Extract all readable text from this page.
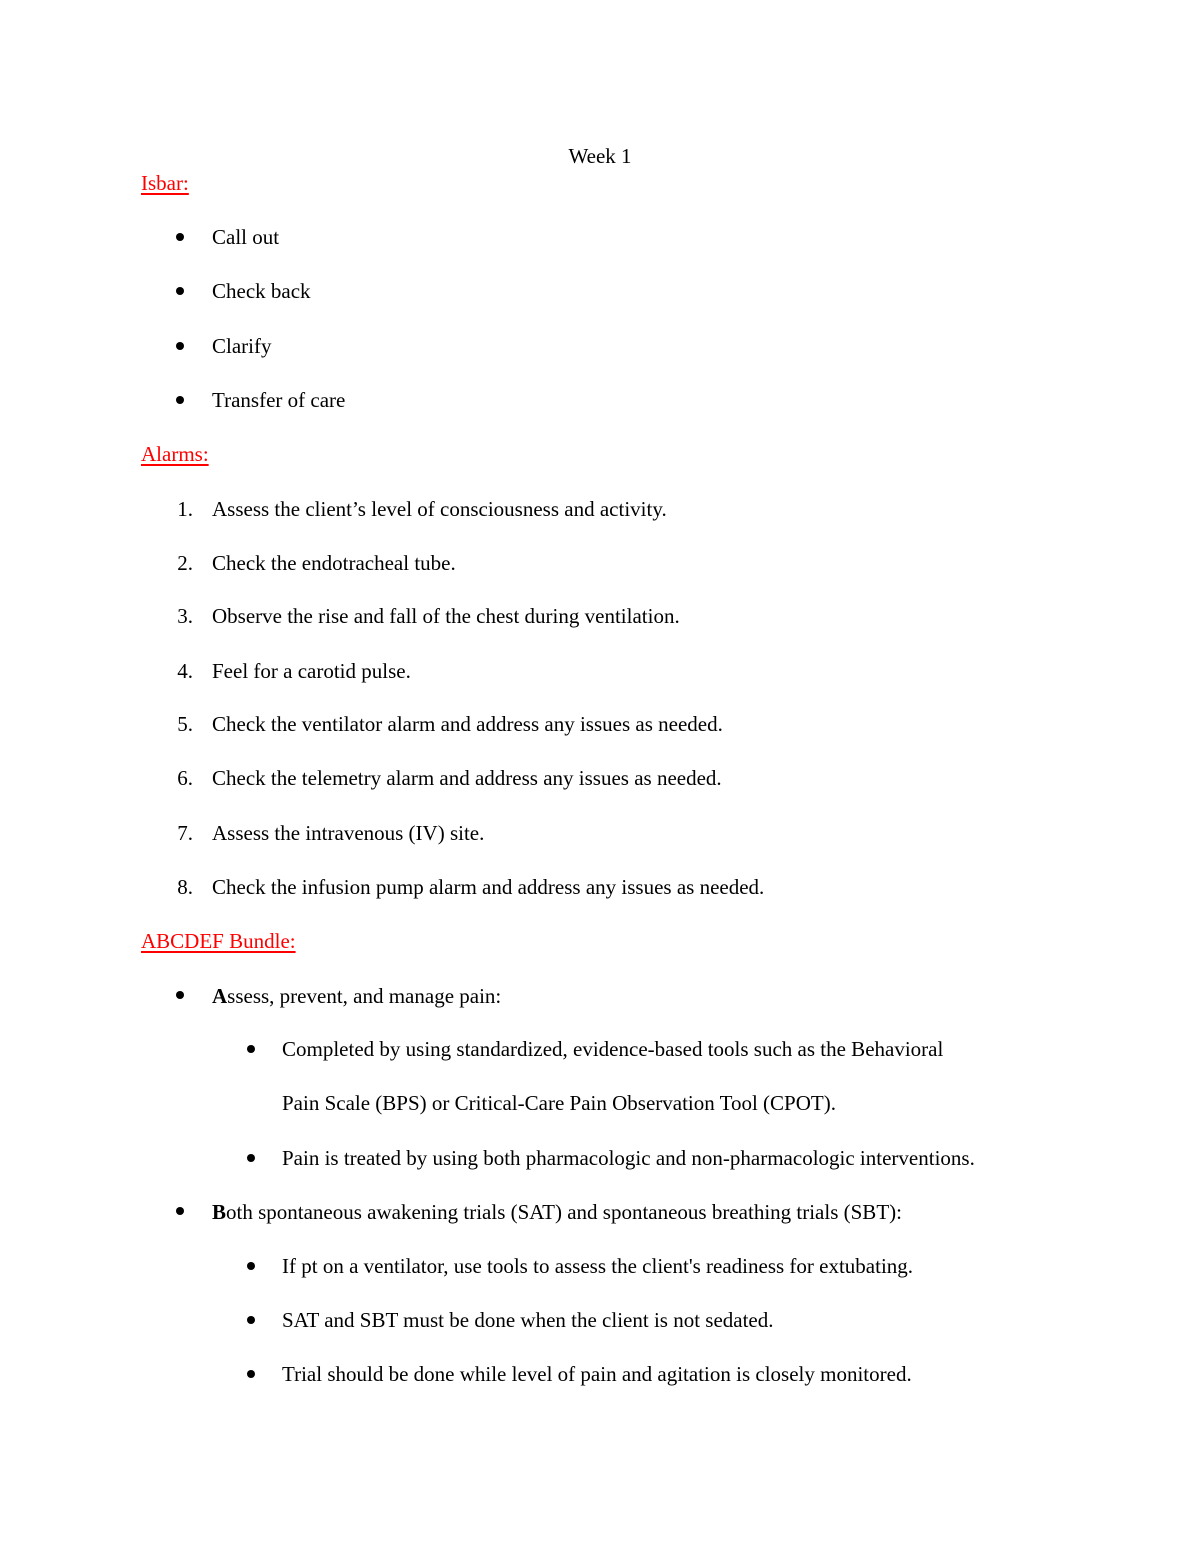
Week 1
Isbar:
Call out
Check back
Clarify
Transfer of care
Alarms:
1. Assess the client’s level of consciousness and activity.
2. Check the endotracheal tube.
3. Observe the rise and fall of the chest during ventilation.
4. Feel for a carotid pulse.
5. Check the ventilator alarm and address any issues as needed.
6. Check the telemetry alarm and address any issues as needed.
7. Assess the intravenous (IV) site.
8. Check the infusion pump alarm and address any issues as needed.
ABCDEF Bundle:
Assess, prevent, and manage pain:
Completed by using standardized, evidence-based tools such as the Behavioral
Pain Scale (BPS) or Critical-Care Pain Observation Tool (CPOT).
Pain is treated by using both pharmacologic and non-pharmacologic interventions.
Both spontaneous awakening trials (SAT) and spontaneous breathing trials (SBT):
If pt on a ventilator, use tools to assess the client's readiness for extubating.
SAT and SBT must be done when the client is not sedated.
Trial should be done while level of pain and agitation is closely monitored.
